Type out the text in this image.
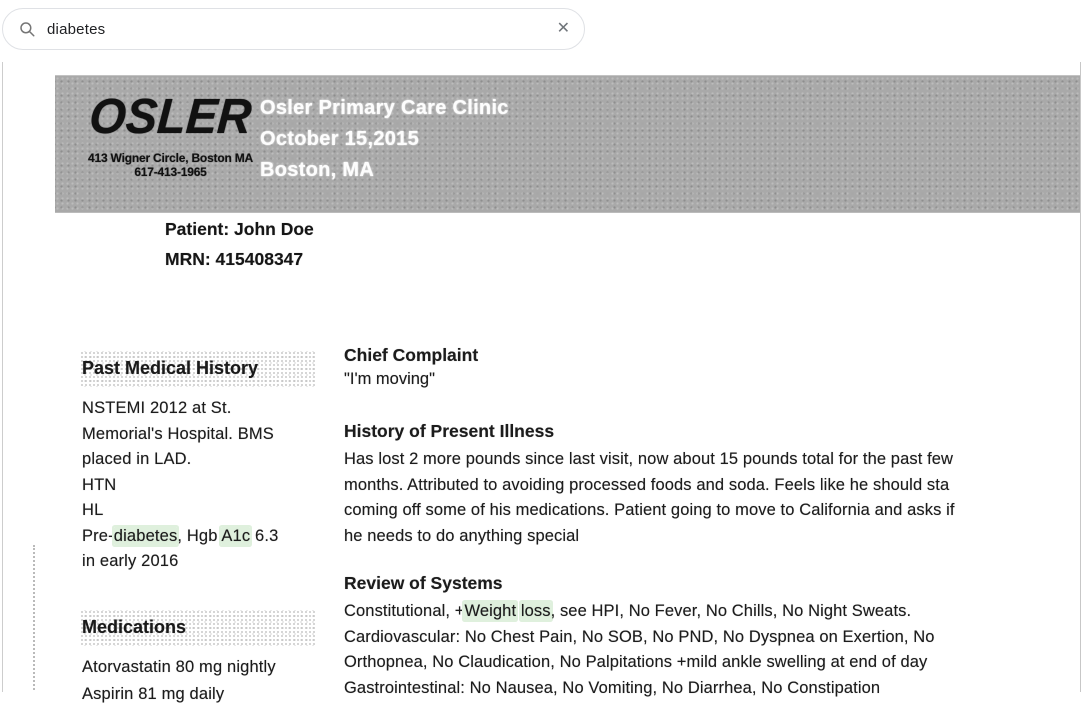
diabetes	✕
OSLER
413 Wigner Circle, Boston MA
617-413-1965
Osler Primary Care Clinic
October 15,2015
Boston, MA
Patient: John Doe
MRN: 415408347
Past Medical History
NSTEMI 2012 at St.
Memorial's Hospital. BMS
placed in LAD.
HTN
HL
Pre-diabetes, Hgb A1c 6.3
in early 2016
Medications
Atorvastatin 80 mg nightly
Aspirin 81 mg daily
Chief Complaint
"I'm moving"
History of Present Illness
Has lost 2 more pounds since last visit, now about 15 pounds total for the past few
months. Attributed to avoiding processed foods and soda. Feels like he should sta
coming off some of his medications. Patient going to move to California and asks if
he needs to do anything special
Review of Systems
Constitutional, +Weight loss, see HPI, No Fever, No Chills, No Night Sweats.
Cardiovascular: No Chest Pain, No SOB, No PND, No Dyspnea on Exertion, No
Orthopnea, No Claudication, No Palpitations +mild ankle swelling at end of day
Gastrointestinal: No Nausea, No Vomiting, No Diarrhea, No Constipation
